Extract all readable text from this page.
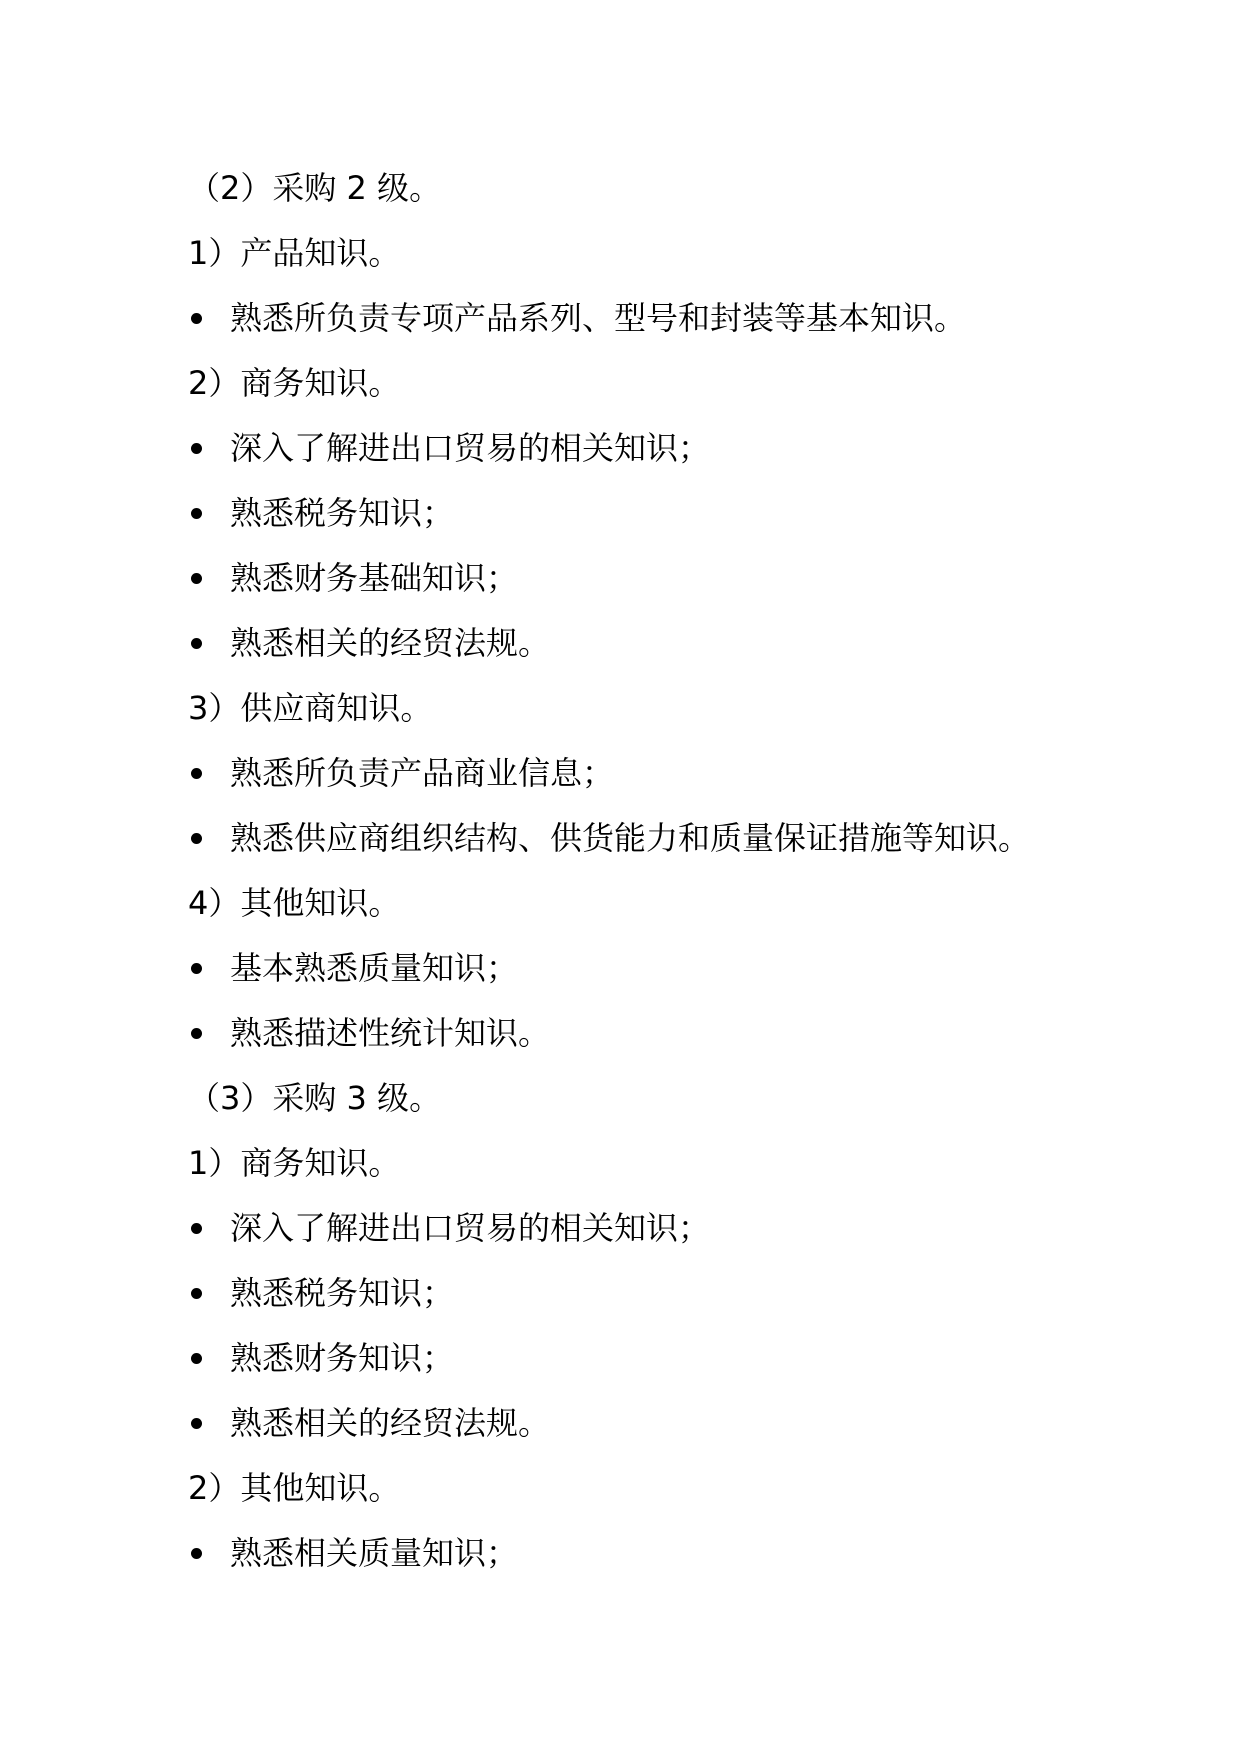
（2）采购 2 级。
1）产品知识。
熟悉所负责专项产品系列、型号和封装等基本知识。
2）商务知识。
深入了解进出口贸易的相关知识；
熟悉税务知识；
熟悉财务基础知识；
熟悉相关的经贸法规。
3）供应商知识。
熟悉所负责产品商业信息；
熟悉供应商组织结构、供货能力和质量保证措施等知识。
4）其他知识。
基本熟悉质量知识；
熟悉描述性统计知识。
（3）采购 3 级。
1）商务知识。
深入了解进出口贸易的相关知识；
熟悉税务知识；
熟悉财务知识；
熟悉相关的经贸法规。
2）其他知识。
熟悉相关质量知识；
